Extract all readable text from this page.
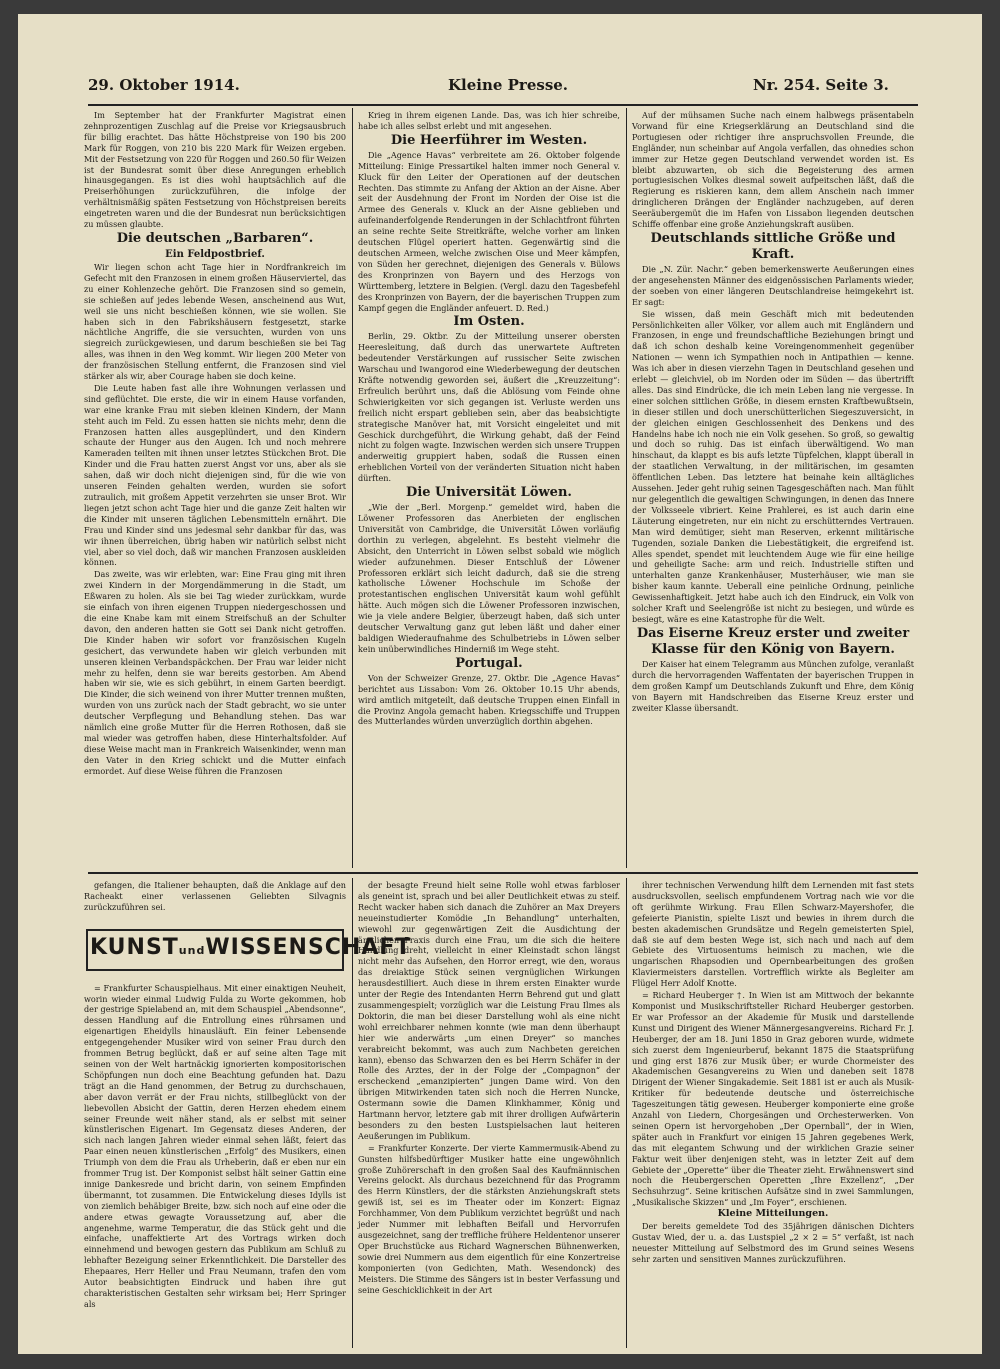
29. Oktober 1914.	Kleine Presse.	Nr. 254. Seite 3.

Im September hat der Frankfurter Magistrat einen zehnprozentigen Zuschlag auf die Preise vor Kriegsausbruch für billig erachtet. Das hätte Höchstpreise von 190 bis 200 Mark für Roggen, von 210 bis 220 Mark für Weizen ergeben. Mit der Festsetzung von 220 für Roggen und 260.50 für Weizen ist der Bundesrat somit über diese Anregungen erheblich hinausgegangen. Es ist dies wohl hauptsächlich auf die Preiserhöhungen zurückzuführen, die infolge der verhältnismäßig späten Festsetzung von Höchstpreisen bereits eingetreten waren und die der Bundesrat nun berücksichtigen zu müssen glaubte.

Die deutschen „Barbaren“.

Ein Feldpostbrief.

Wir liegen schon acht Tage hier in Nordfrankreich im Gefecht mit den Franzosen in einem großen Häuserviertel, das zu einer Kohlenzeche gehört. Die Franzosen sind so gemein, sie schießen auf jedes lebende Wesen, anscheinend aus Wut, weil sie uns nicht beschießen können, wie sie wollen. Sie haben sich in den Fabrikshäusern festgesetzt, starke nächtliche Angriffe, die sie versuchten, wurden von uns siegreich zurückgewiesen, und darum beschießen sie bei Tag alles, was ihnen in den Weg kommt. Wir liegen 200 Meter von der französischen Stellung entfernt, die Franzosen sind viel stärker als wir, aber Courage haben sie doch keine.

Die Leute haben fast alle ihre Wohnungen verlassen und sind geflüchtet. Die erste, die wir in einem Hause vorfanden, war eine kranke Frau mit sieben kleinen Kindern, der Mann steht auch im Feld. Zu essen hatten sie nichts mehr, denn die Franzosen hatten alles ausgeplündert, und den Kindern schaute der Hunger aus den Augen. Ich und noch mehrere Kameraden teilten mit ihnen unser letztes Stückchen Brot. Die Kinder und die Frau hatten zuerst Angst vor uns, aber als sie sahen, daß wir doch nicht diejenigen sind, für die wie von unseren Feinden gehalten werden, wurden sie sofort zutraulich, mit großem Appetit verzehrten sie unser Brot. Wir liegen jetzt schon acht Tage hier und die ganze Zeit halten wir die Kinder mit unseren täglichen Lebensmitteln ernährt. Die Frau und Kinder sind uns jedesmal sehr dankbar für das, was wir ihnen überreichen, übrig haben wir natürlich selbst nicht viel, aber so viel doch, daß wir manchen Franzosen auskleiden können.

Das zweite, was wir erlebten, war: Eine Frau ging mit ihren zwei Kindern in der Morgendämmerung in die Stadt, um Eßwaren zu holen. Als sie bei Tag wieder zurückkam, wurde sie einfach von ihren eigenen Truppen niedergeschossen und die eine Knabe kam mit einem Streifschuß an der Schulter davon, den anderen hatten sie Gott sei Dank nicht getroffen. Die Kinder haben wir sofort vor französischen Kugeln gesichert, das verwundete haben wir gleich verbunden mit unseren kleinen Verbandspäckchen. Der Frau war leider nicht mehr zu helfen, denn sie war bereits gestorben. Am Abend haben wir sie, wie es sich gebührt, in einem Garten beerdigt. Die Kinder, die sich weinend von ihrer Mutter trennen mußten, wurden von uns zurück nach der Stadt gebracht, wo sie unter deutscher Verpflegung und Behandlung stehen. Das war nämlich eine große Mutter für die Herren Rothosen, daß sie mal wieder was getroffen haben, diese Hinterhaltsfolder. Auf diese Weise macht man in Frankreich Waisenkinder, wenn man den Vater in den Krieg schickt und die Mutter einfach ermordet. Auf diese Weise führen die Franzosen

Krieg in ihrem eigenen Lande. Das, was ich hier schreibe, habe ich alles selbst erlebt und mit angesehen.

Die Heerführer im Westen.

Die „Agence Havas“ verbreitete am 26. Oktober folgende Mitteilung: Einige Pressartikel halten immer noch General v. Kluck für den Leiter der Operationen auf der deutschen Rechten. Das stimmte zu Anfang der Aktion an der Aisne. Aber seit der Ausdehnung der Front im Norden der Oise ist die Armee des Generals v. Kluck an der Aisne geblieben und aufeinanderfolgende Renderungen in der Schlachtfront führten an seine rechte Seite Streitkräfte, welche vorher am linken deutschen Flügel operiert hatten. Gegenwärtig sind die deutschen Armeen, welche zwischen Oise und Meer kämpfen, von Süden her gerechnet, diejenigen des Generals v. Bülows des Kronprinzen von Bayern und des Herzogs von Württemberg, letztere in Belgien. (Vergl. dazu den Tagesbefehl des Kronprinzen von Bayern, der die bayerischen Truppen zum Kampf gegen die Engländer anfeuert. D. Red.)

Im Osten.

Berlin, 29. Oktbr. Zu der Mitteilung unserer obersten Heeresleitung, daß durch das unerwartete Auftreten bedeutender Verstärkungen auf russischer Seite zwischen Warschau und Iwangorod eine Wiederbewegung der deutschen Kräfte notwendig geworden sei, äußert die „Kreuzzeitung“: Erfreulich berührt uns, daß die Ablösung vom Feinde ohne Schwierigkeiten vor sich gegangen ist. Verluste werden uns freilich nicht erspart geblieben sein, aber das beabsichtigte strategische Manöver hat, mit Vorsicht eingeleitet und mit Geschick durchgeführt, die Wirkung gehabt, daß der Feind nicht zu folgen wagte. Inzwischen werden sich unsere Truppen anderweitig gruppiert haben, sodaß die Russen einen erheblichen Vorteil von der veränderten Situation nicht haben dürften.

Die Universität Löwen.

„Wie der „Berl. Morgenp.“ gemeldet wird, haben die Löwener Professoren das Anerbieten der englischen Universität von Cambridge, die Universität Löwen vorläufig dorthin zu verlegen, abgelehnt. Es besteht vielmehr die Absicht, den Unterricht in Löwen selbst sobald wie möglich wieder aufzunehmen. Dieser Entschluß der Löwener Professoren erklärt sich leicht dadurch, daß sie die streng katholische Löwener Hochschule im Schoße der protestantischen englischen Universität kaum wohl gefühlt hätte. Auch mögen sich die Löwener Professoren inzwischen, wie ja viele andere Belgier, überzeugt haben, daß sich unter deutscher Verwaltung ganz gut leben läßt und daher einer baldigen Wiederaufnahme des Schulbetriebs in Löwen selber kein unüberwindliches Hinderniß im Wege steht.

Portugal.

Von der Schweizer Grenze, 27. Oktbr. Die „Agence Havas“ berichtet aus Lissabon: Vom 26. Oktober 10.15 Uhr abends, wird amtlich mitgeteilt, daß deutsche Truppen einen Einfall in die Provinz Angola gemacht haben. Kriegsschiffe und Truppen des Mutterlandes würden unverzüglich dorthin abgehen.

Auf der mühsamen Suche nach einem halbwegs präsentabeln Vorwand für eine Kriegserklärung an Deutschland sind die Portugiesen oder richtiger ihre anspruchsvollen Freunde, die Engländer, nun scheinbar auf Angola verfallen, das ohnedies schon immer zur Hetze gegen Deutschland verwendet worden ist. Es bleibt abzuwarten, ob sich die Begeisterung des armen portugiesischen Volkes diesmal soweit aufpeitschen läßt, daß die Regierung es riskieren kann, dem allem Anschein nach immer dringlicheren Drängen der Engländer nachzugeben, auf deren Seeräubergemüt die im Hafen von Lissabon liegenden deutschen Schiffe offenbar eine große Anziehungskraft ausüben.

Deutschlands sittliche Größe und Kraft.

Die „N. Zür. Nachr.“ geben bemerkenswerte Aeußerungen eines der angesehensten Männer des eidgenössischen Parlaments wieder, der soeben von einer längeren Deutschlandreise heimgekehrt ist. Er sagt:

Sie wissen, daß mein Geschäft mich mit bedeutenden Persönlichkeiten aller Völker, vor allem auch mit Engländern und Franzosen, in enge und freundschaftliche Beziehungen bringt und daß ich schon deshalb keine Voreingenommenheit gegenüber Nationen — wenn ich Sympathien noch in Antipathien — kenne. Was ich aber in diesen vierzehn Tagen in Deutschland gesehen und erlebt — gleichviel, ob im Norden oder im Süden — das übertrifft alles. Das sind Eindrücke, die ich mein Leben lang nie vergesse. In einer solchen sittlichen Größe, in diesem ernsten Kraftbewußtsein, in dieser stillen und doch unerschütterlichen Siegeszuversicht, in der gleichen einigen Geschlossenheit des Denkens und des Handelns habe ich noch nie ein Volk gesehen. So groß, so gewaltig und doch so ruhig. Das ist einfach überwältigend. Wo man hinschaut, da klappt es bis aufs letzte Tüpfelchen, klappt überall in der staatlichen Verwaltung, in der militärischen, im gesamten öffentlichen Leben. Das letztere hat beinahe kein alltägliches Aussehen. Jeder geht ruhig seinen Tagesgeschäften nach. Man fühlt nur gelegentlich die gewaltigen Schwingungen, in denen das Innere der Volksseele vibriert. Keine Prahlerei, es ist auch darin eine Läuterung eingetreten, nur ein nicht zu erschütterndes Vertrauen. Man wird demütiger, sieht man Reserven, erkennt militärische Tugenden, soziale Danken die Liebestätigkeit, die ergreifend ist. Alles spendet, spendet mit leuchtendem Auge wie für eine heilige und geheiligte Sache: arm und reich. Industrielle stiften und unterhalten ganze Krankenhäuser, Musterhäuser, wie man sie bisher kaum kannte. Ueberall eine peinliche Ordnung, peinliche Gewissenhaftigkeit. Jetzt habe auch ich den Eindruck, ein Volk von solcher Kraft und Seelengröße ist nicht zu besiegen, und würde es besiegt, wäre es eine Katastrophe für die Welt.

Das Eiserne Kreuz erster und zweiter Klasse für den König von Bayern.

Der Kaiser hat einem Telegramm aus München zufolge, veranlaßt durch die hervorragenden Waffentaten der bayerischen Truppen in dem großen Kampf um Deutschlands Zukunft und Ehre, dem König von Bayern mit Handschreiben das Eiserne Kreuz erster und zweiter Klasse übersandt.

gefangen, die Italiener behaupten, daß die Anklage auf den Racheakt einer verlassenen Geliebten Silvagnis zurückzuführen sei.

KUNSTundWISSENSCHAFT

= Frankfurter Schauspielhaus. Mit einer einaktigen Neuheit, worin wieder einmal Ludwig Fulda zu Worte gekommen, hob der gestrige Spielabend an, mit dem Schauspiel „Abendsonne“, dessen Handlung auf die Entrollung eines rührsamen und eigenartigen Eheidylls hinausläuft. Ein feiner Lebensende entgegengehender Musiker wird von seiner Frau durch den frommen Betrug beglückt, daß er auf seine alten Tage mit seinen von der Welt hartnäckig ignorierten kompositorischen Schöpfungen nun doch eine Beachtung gefunden hat. Dazu trägt an die Hand genommen, der Betrug zu durchschauen, aber davon verrät er der Frau nichts, stillbeglückt von der liebevollen Absicht der Gattin, deren Herzen ehedem einem seiner Freunde weit näher stand, als er selbst mit seiner künstlerischen Eigenart. Im Gegensatz dieses Anderen, der sich nach langen Jahren wieder einmal sehen läßt, feiert das Paar einen neuen künstlerischen „Erfolg“ des Musikers, einen Triumph von dem die Frau als Urheberin, daß er eben nur ein frommer Trug ist. Der Komponist selbst hält seiner Gattin eine innige Dankesrede und bricht darin, von seinem Empfinden übermannt, tot zusammen. Die Entwickelung dieses Idylls ist von ziemlich behäbiger Breite, bzw. sich noch auf eine oder die andere etwas gewagte Voraussetzung auf, aber die angenehme, warme Temperatur, die das Stück geht und die einfache, unaffektierte Art des Vortrags wirken doch einnehmend und bewogen gestern das Publikum am Schluß zu lebhafter Bezeigung seiner Erkenntlichkeit. Die Darsteller des Ehepaares, Herr Heller und Frau Neumann, trafen den vom Autor beabsichtigten Eindruck und haben ihre gut charakteristischen Gestalten sehr wirksam bei; Herr Springer als

der besagte Freund hielt seine Rolle wohl etwas farbloser als geneint ist, sprach und bei aller Deutlichkeit etwas zu steif. Recht wacker haben sich danach die Zuhörer an Max Dreyers neueinstudierter Komödie „In Behandlung“ unterhalten, wiewohl zur gegenwärtigen Zeit die Ausdichtung der ärztlichen Praxis durch eine Frau, um die sich die heitere Handlung dreht, vielleicht in einer Kleinstadt schon längst nicht mehr das Aufsehen, den Horror erregt, wie den, woraus das dreiaktige Stück seinen vergnüglichen Wirkungen herausdestilliert. Auch diese in ihrem ersten Einakter wurde unter der Regie des Intendanten Herrn Behrend gut und glatt zusammengespielt; vorzüglich war die Leistung Frau Ilmes als Doktorin, die man bei dieser Darstellung wohl als eine nicht wohl erreichbarer nehmen konnte (wie man denn überhaupt hier wie anderwärts „um einen Dreyer“ so manches verabreicht bekommt, was auch zum Nachbeten gereichen kann), ebenso das Schwarzen den es bei Herrn Schäfer in der Rolle des Arztes, der in der Folge der „Compagnon“ der erscheckend „emanzipierten“ jungen Dame wird. Von den übrigen Mitwirkenden taten sich noch die Herren Nuncke, Ostermann sowie die Damen Klinkhammer, König und Hartmann hervor, letztere gab mit ihrer drolligen Aufwärterin besonders zu den besten Lustspielsachen laut heiteren Aeußerungen im Publikum.

= Frankfurter Konzerte. Der vierte Kammermusik-Abend zu Gunsten hilfsbedürftiger Musiker hatte eine ungewöhnlich große Zuhörerschaft in den großen Saal des Kaufmännischen Vereins gelockt. Als durchaus bezeichnend für das Programm des Herrn Künstlers, der die stärksten Anziehungskraft stets gewiß ist, sei es im Theater oder im Konzert: Eignaz Forchhammer, Von dem Publikum verzichtet begrüßt und nach jeder Nummer mit lebhaften Beifall und Hervorrufen ausgezeichnet, sang der treffliche frühere Heldentenor unserer Oper Bruchstücke aus Richard Wagnerschen Bühnenwerken, sowie drei Nummern aus dem eigentlich für eine Konzertreise komponierten (von Gedichten, Math. Wesendonck) des Meisters. Die Stimme des Sängers ist in bester Verfassung und seine Geschicklichkeit in der Art

ihrer technischen Verwendung hilft dem Lernenden mit fast stets ausdrucksvollen, seelisch empfundenem Vortrag nach wie vor die oft gerühmte Wirkung. Frau Ellen Schwarz-Mayershofer, die gefeierte Pianistin, spielte Liszt und bewies in ihrem durch die besten akademischen Grundsätze und Regeln gemeisterten Spiel, daß sie auf dem besten Wege ist, sich nach und nach auf dem Gebiete des Virtuosentums heimisch zu machen, wie die ungarischen Rhapsodien und Opernbearbeitungen des großen Klaviermeisters darstellen. Vortrefflich wirkte als Begleiter am Flügel Herr Adolf Knotte.

= Richard Heuberger †. In Wien ist am Mittwoch der bekannte Komponist und Musikschriftsteller Richard Heuberger gestorben. Er war Professor an der Akademie für Musik und darstellende Kunst und Dirigent des Wiener Männergesangvereins. Richard Fr. J. Heuberger, der am 18. Juni 1850 in Graz geboren wurde, widmete sich zuerst dem Ingenieurberuf, bekannt 1875 die Staatsprüfung und ging erst 1876 zur Musik über; er wurde Chormeister des Akademischen Gesangvereins zu Wien und daneben seit 1878 Dirigent der Wiener Singakademie. Seit 1881 ist er auch als Musik-Kritiker für bedeutende deutsche und österreichische Tageszeitungen tätig gewesen. Heuberger komponierte eine große Anzahl von Liedern, Chorgesängen und Orchesterwerken. Von seinen Opern ist hervorgehoben „Der Opernball“, der in Wien, später auch in Frankfurt vor einigen 15 Jahren gegebenes Werk, das mit elegantem Schwung und der wirklichen Grazie seiner Faktur weit über denjenigen steht, was in letzter Zeit auf dem Gebiete der „Operette“ über die Theater zieht. Erwähnenswert sind noch die Heubergerschen Operetten „Ihre Exzellenz“, „Der Sechsuhrzug“. Seine kritischen Aufsätze sind in zwei Sammlungen, „Musikalische Skizzen“ und „Im Foyer“, erschienen.

Kleine Mitteilungen.

Der bereits gemeldete Tod des 35jährigen dänischen Dichters Gustav Wied, der u. a. das Lustspiel „2 × 2 = 5“ verfaßt, ist nach neuester Mitteilung auf Selbstmord des im Grund seines Wesens sehr zarten und sensitiven Mannes zurückzuführen.
